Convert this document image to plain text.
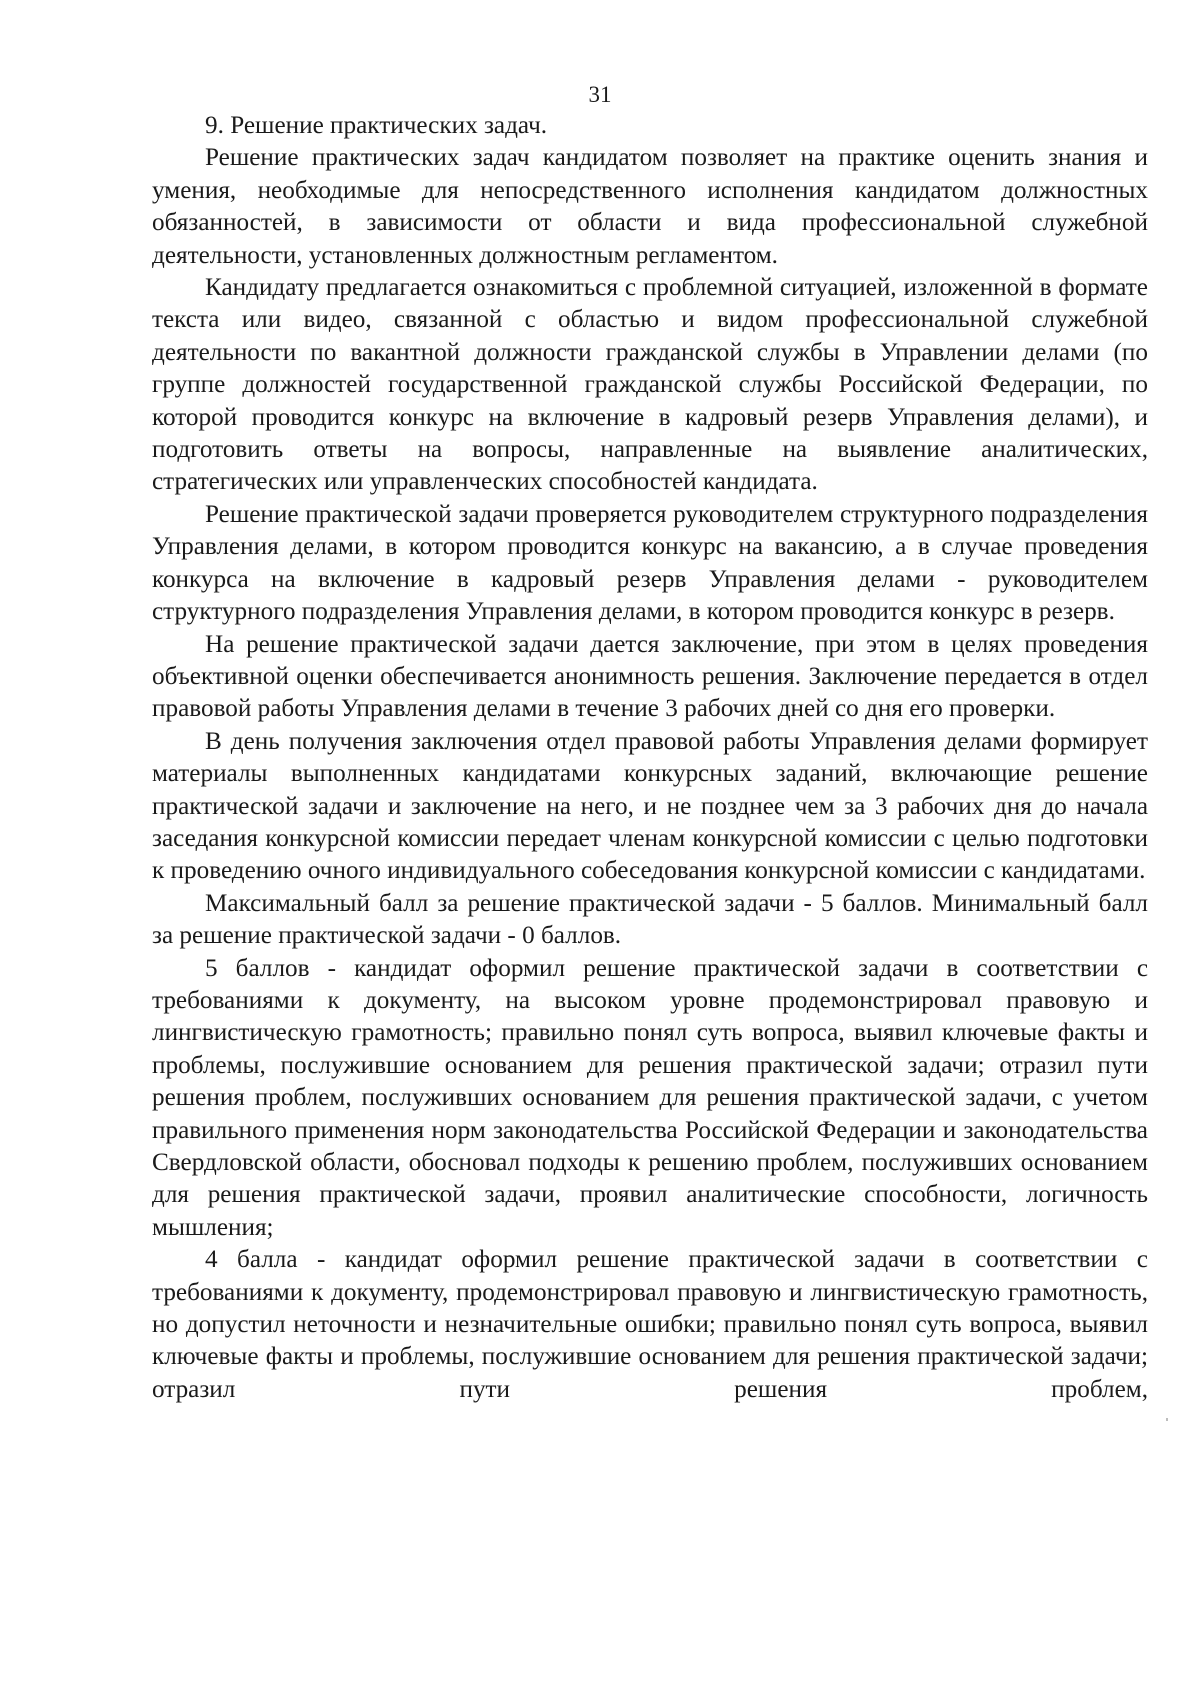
31

9. Решение практических задач.

Решение практических задач кандидатом позволяет на практике оценить знания и умения, необходимые для непосредственного исполнения кандидатом должностных обязанностей, в зависимости от области и вида профессиональной служебной деятельности, установленных должностным регламентом.

Кандидату предлагается ознакомиться с проблемной ситуацией, изложенной в формате текста или видео, связанной с областью и видом профессиональной служебной деятельности по вакантной должности гражданской службы в Управлении делами (по группе должностей государственной гражданской службы Российской Федерации, по которой проводится конкурс на включение в кадровый резерв Управления делами), и подготовить ответы на вопросы, направленные на выявление аналитических, стратегических или управленческих способностей кандидата.

Решение практической задачи проверяется руководителем структурного подразделения Управления делами, в котором проводится конкурс на вакансию, а в случае проведения конкурса на включение в кадровый резерв Управления делами - руководителем структурного подразделения Управления делами, в котором проводится конкурс в резерв.

На решение практической задачи дается заключение, при этом в целях проведения объективной оценки обеспечивается анонимность решения. Заключение передается в отдел правовой работы Управления делами в течение 3 рабочих дней со дня его проверки.

В день получения заключения отдел правовой работы Управления делами формирует материалы выполненных кандидатами конкурсных заданий, включающие решение практической задачи и заключение на него, и не позднее чем за 3 рабочих дня до начала заседания конкурсной комиссии передает членам конкурсной комиссии с целью подготовки к проведению очного индивидуального собеседования конкурсной комиссии с кандидатами.

Максимальный балл за решение практической задачи - 5 баллов. Минимальный балл за решение практической задачи - 0 баллов.

5 баллов - кандидат оформил решение практической задачи в соответствии с требованиями к документу, на высоком уровне продемонстрировал правовую и лингвистическую грамотность; правильно понял суть вопроса, выявил ключевые факты и проблемы, послужившие основанием для решения практической задачи; отразил пути решения проблем, послуживших основанием для решения практической задачи, с учетом правильного применения норм законодательства Российской Федерации и законодательства Свердловской области, обосновал подходы к решению проблем, послуживших основанием для решения практической задачи, проявил аналитические способности, логичность мышления;

4 балла - кандидат оформил решение практической задачи в соответствии с требованиями к документу, продемонстрировал правовую и лингвистическую грамотность, но допустил неточности и незначительные ошибки; правильно понял суть вопроса, выявил ключевые факты и проблемы, послужившие основанием для решения практической задачи; отразил пути решения проблем,
